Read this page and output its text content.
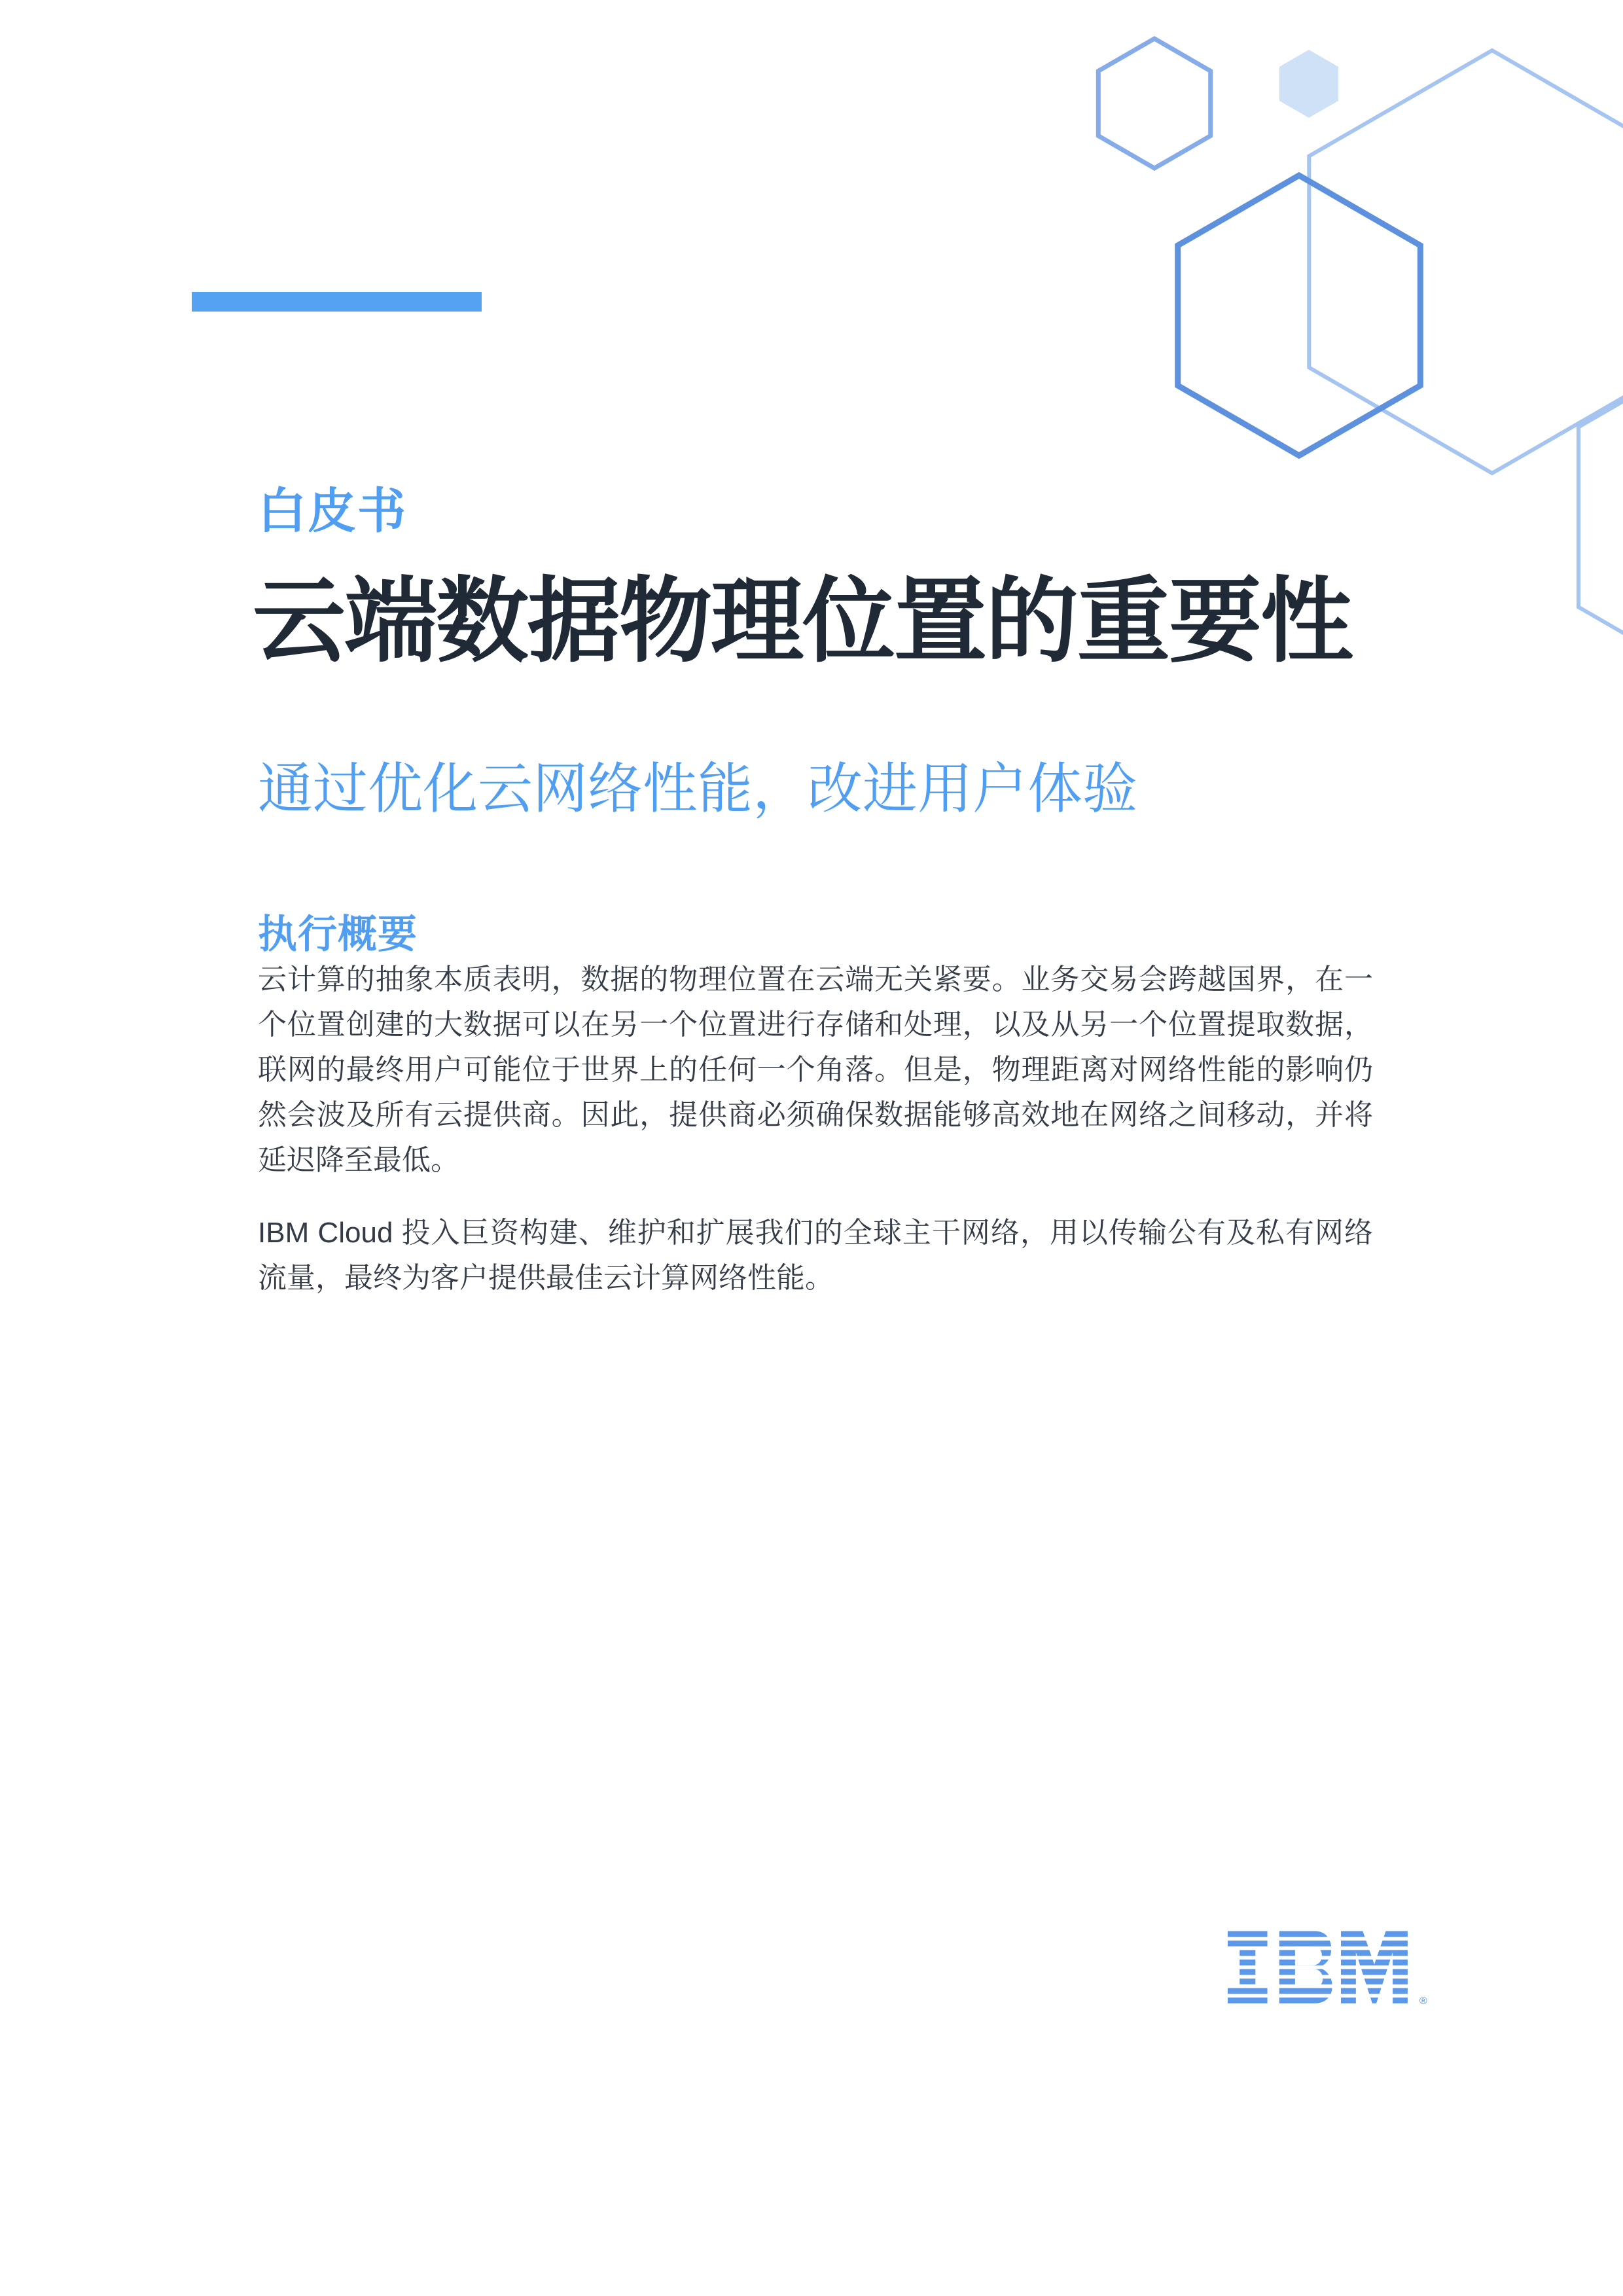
白皮书
云端数据物理位置的重要性
通过优化云网络性能，改进用户体验
执行概要

云计算的抽象本质表明，数据的物理位置在云端无关紧要。业务交易会跨越国界，在一个位置创建的大数据可以在另一个位置进行存储和处理，以及从另一个位置提取数据，联网的最终用户可能位于世界上的任何一个角落。但是，物理距离对网络性能的影响仍然会波及所有云提供商。因此，提供商必须确保数据能够高效地在网络之间移动，并将延迟降至最低。

IBM Cloud 投入巨资构建、维护和扩展我们的全球主干网络，用以传输公有及私有网络流量，最终为客户提供最佳云计算网络性能。

®
